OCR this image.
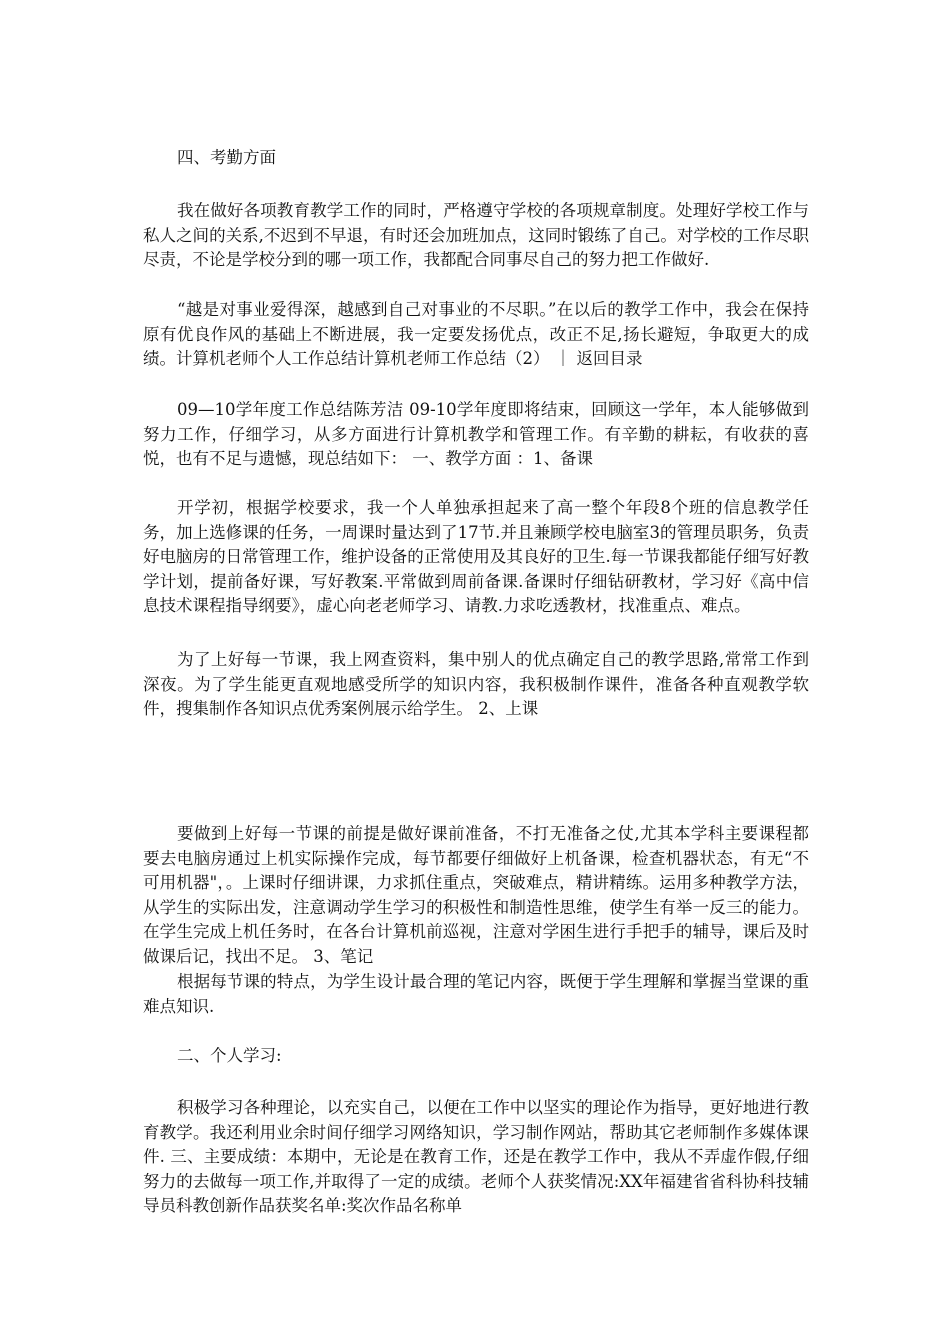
四、考勤方面

我在做好各项教育教学工作的同时，严格遵守学校的各项规章制度。处理好学校工作与私人之间的关系,不迟到不早退，有时还会加班加点，这同时锻练了自己。对学校的工作尽职尽责，不论是学校分到的哪一项工作，我都配合同事尽自己的努力把工作做好.

“越是对事业爱得深，越感到自己对事业的不尽职。”在以后的教学工作中，我会在保持原有优良作风的基础上不断进展，我一定要发扬优点，改正不足,扬长避短，争取更大的成绩。计算机老师个人工作总结计算机老师工作总结（2） ｜ 返回目录

09—10学年度工作总结陈芳洁 09-10学年度即将结束，回顾这一学年，本人能够做到努力工作，仔细学习，从多方面进行计算机教学和管理工作。有辛勤的耕耘，有收获的喜悦，也有不足与遗憾，现总结如下： 一、教学方面 ：1、备课

开学初，根据学校要求，我一个人单独承担起来了高一整个年段8个班的信息教学任务，加上选修课的任务，一周课时量达到了17节.并且兼顾学校电脑室3的管理员职务，负责好电脑房的日常管理工作，维护设备的正常使用及其良好的卫生.每一节课我都能仔细写好教学计划，提前备好课，写好教案.平常做到周前备课.备课时仔细钻研教材，学习好《高中信息技术课程指导纲要》，虚心向老老师学习、请教.力求吃透教材，找准重点、难点。

为了上好每一节课，我上网查资料，集中别人的优点确定自己的教学思路,常常工作到深夜。为了学生能更直观地感受所学的知识内容，我积极制作课件，准备各种直观教学软件，搜集制作各知识点优秀案例展示给学生。 2、上课

要做到上好每一节课的前提是做好课前准备，不打无准备之仗,尤其本学科主要课程都要去电脑房通过上机实际操作完成，每节都要仔细做好上机备课，检查机器状态，有无“不可用机器"，。上课时仔细讲课，力求抓住重点，突破难点，精讲精练。运用多种教学方法，从学生的实际出发，注意调动学生学习的积极性和制造性思维，使学生有举一反三的能力。在学生完成上机任务时，在各台计算机前巡视，注意对学困生进行手把手的辅导，课后及时做课后记，找出不足。 3、笔记

根据每节课的特点，为学生设计最合理的笔记内容，既便于学生理解和掌握当堂课的重难点知识.

二、个人学习:

积极学习各种理论，以充实自己，以便在工作中以坚实的理论作为指导，更好地进行教育教学。我还利用业余时间仔细学习网络知识，学习制作网站，帮助其它老师制作多媒体课件. 三、主要成绩：本期中，无论是在教育工作，还是在教学工作中，我从不弄虚作假,仔细努力的去做每一项工作,并取得了一定的成绩。老师个人获奖情况:XX年福建省省科协科技辅导员科教创新作品获奖名单:奖次作品名称单
